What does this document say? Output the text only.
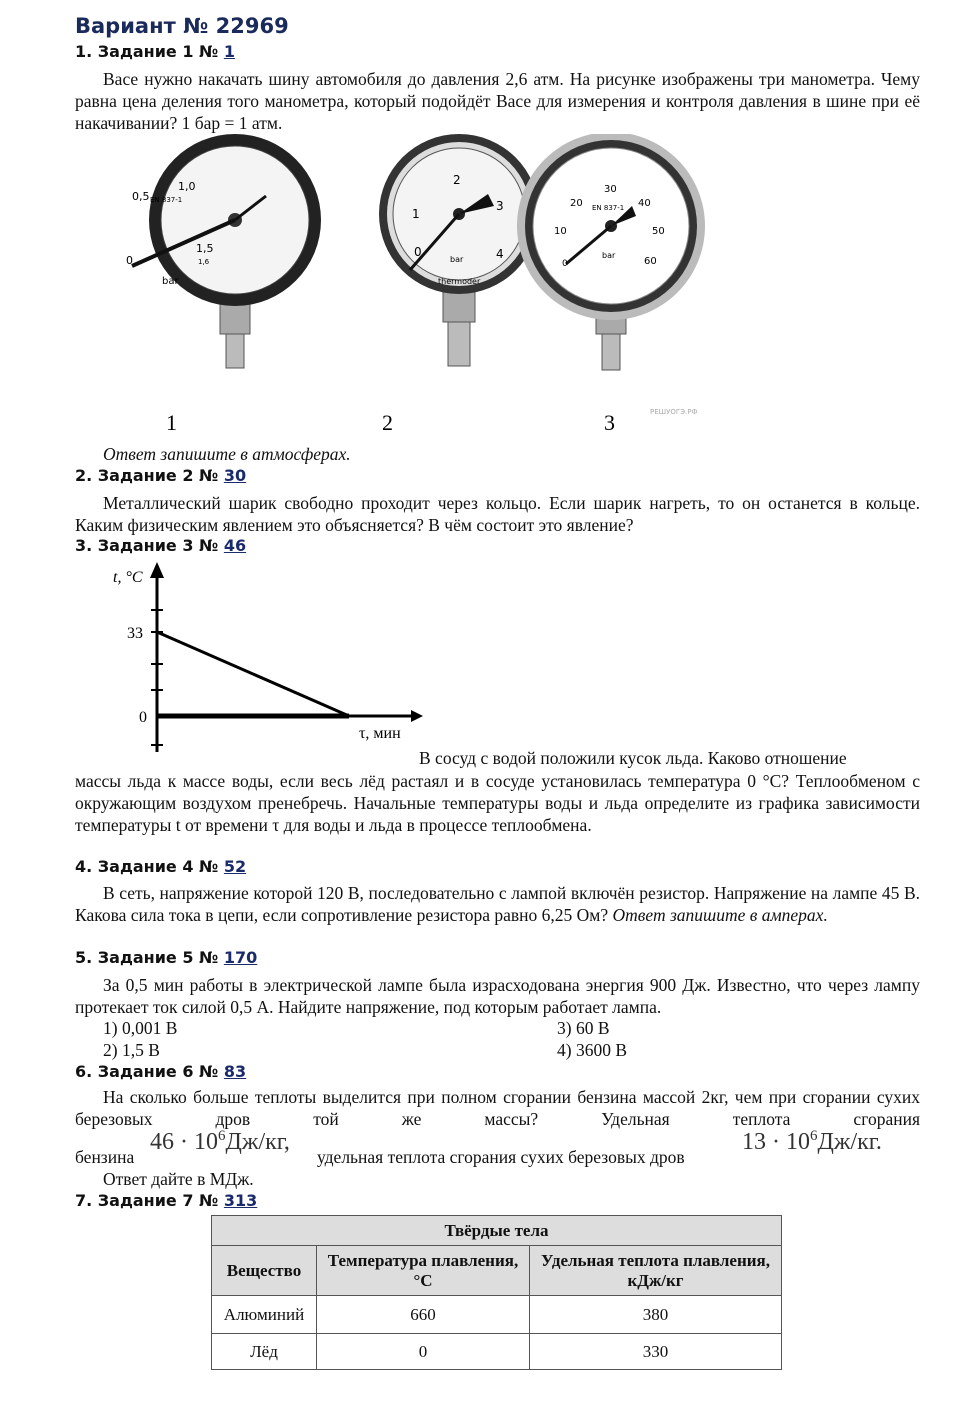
Вариант № 22969
1. Задание 1 № 1
Васе нужно накачать шину автомобиля до давления 2,6 атм. На рисунке изображены три манометра. Чему равна цена деления того манометра, который подойдёт Васе для измерения и контроля давления в шине при её накачивании? 1 бар = 1 атм.
0,5
1,0
0
1,5
EN 837-1
bar
1,6
0
1
2
3
4
bar
thermoder
0
10
20
30
40
50
60
EN 837-1
bar
1	2	3	РЕШУОГЭ.РФ
Ответ запишите в атмосферах.
2. Задание 2 № 30
Металлический шарик свободно проходит через кольцо. Если шарик нагреть, то он останется в кольце. Каким физическим явлением это объясняется? В чём состоит это явление?
3. Задание 3 № 46
t, °C
33
0
τ, мин
В сосуд с водой положили кусок льда. Каково отношение
массы льда к массе воды, если весь лёд растаял и в сосуде установилась температура 0 °С? Теплообменом с окружающим воздухом пренебречь. Начальные температуры воды и льда определите из графика зависимости температуры t от времени τ для воды и льда в процессе теплообмена.
4. Задание 4 № 52
В сеть, напряжение которой 120 В, последовательно с лампой включён резистор. Напряжение на лампе 45 В. Какова сила тока в цепи, если сопротивление резистора равно 6,25 Ом? Ответ запишите в амперах.
5. Задание 5 № 170
За 0,5 мин работы в электрической лампе была израсходована энергия 900 Дж. Известно, что через лампу протекает ток силой 0,5 А. Найдите напряжение, под которым работает лампа.
1) 0,001 В
2) 1,5 В
3) 60 В
4) 3600 В
6. Задание 6 № 83
На сколько больше теплоты выделится при полном сгорании бензина массой 2кг, чем при сгорании сухих березовых дров той же массы? Удельная теплота сгорания
бензина
$46 \cdot 10^6Дж/кг$,
удельная теплота сгорания сухих березовых дров
$13 \cdot 10^6Дж/кг$.
Ответ дайте в МДж.
7. Задание 7 № 313
Твёрдые тела		
Вещество	Температура плавления, °С	Удельная теплота плавления, кДж/кг
Алюминий	660	380
Лёд	0	330
